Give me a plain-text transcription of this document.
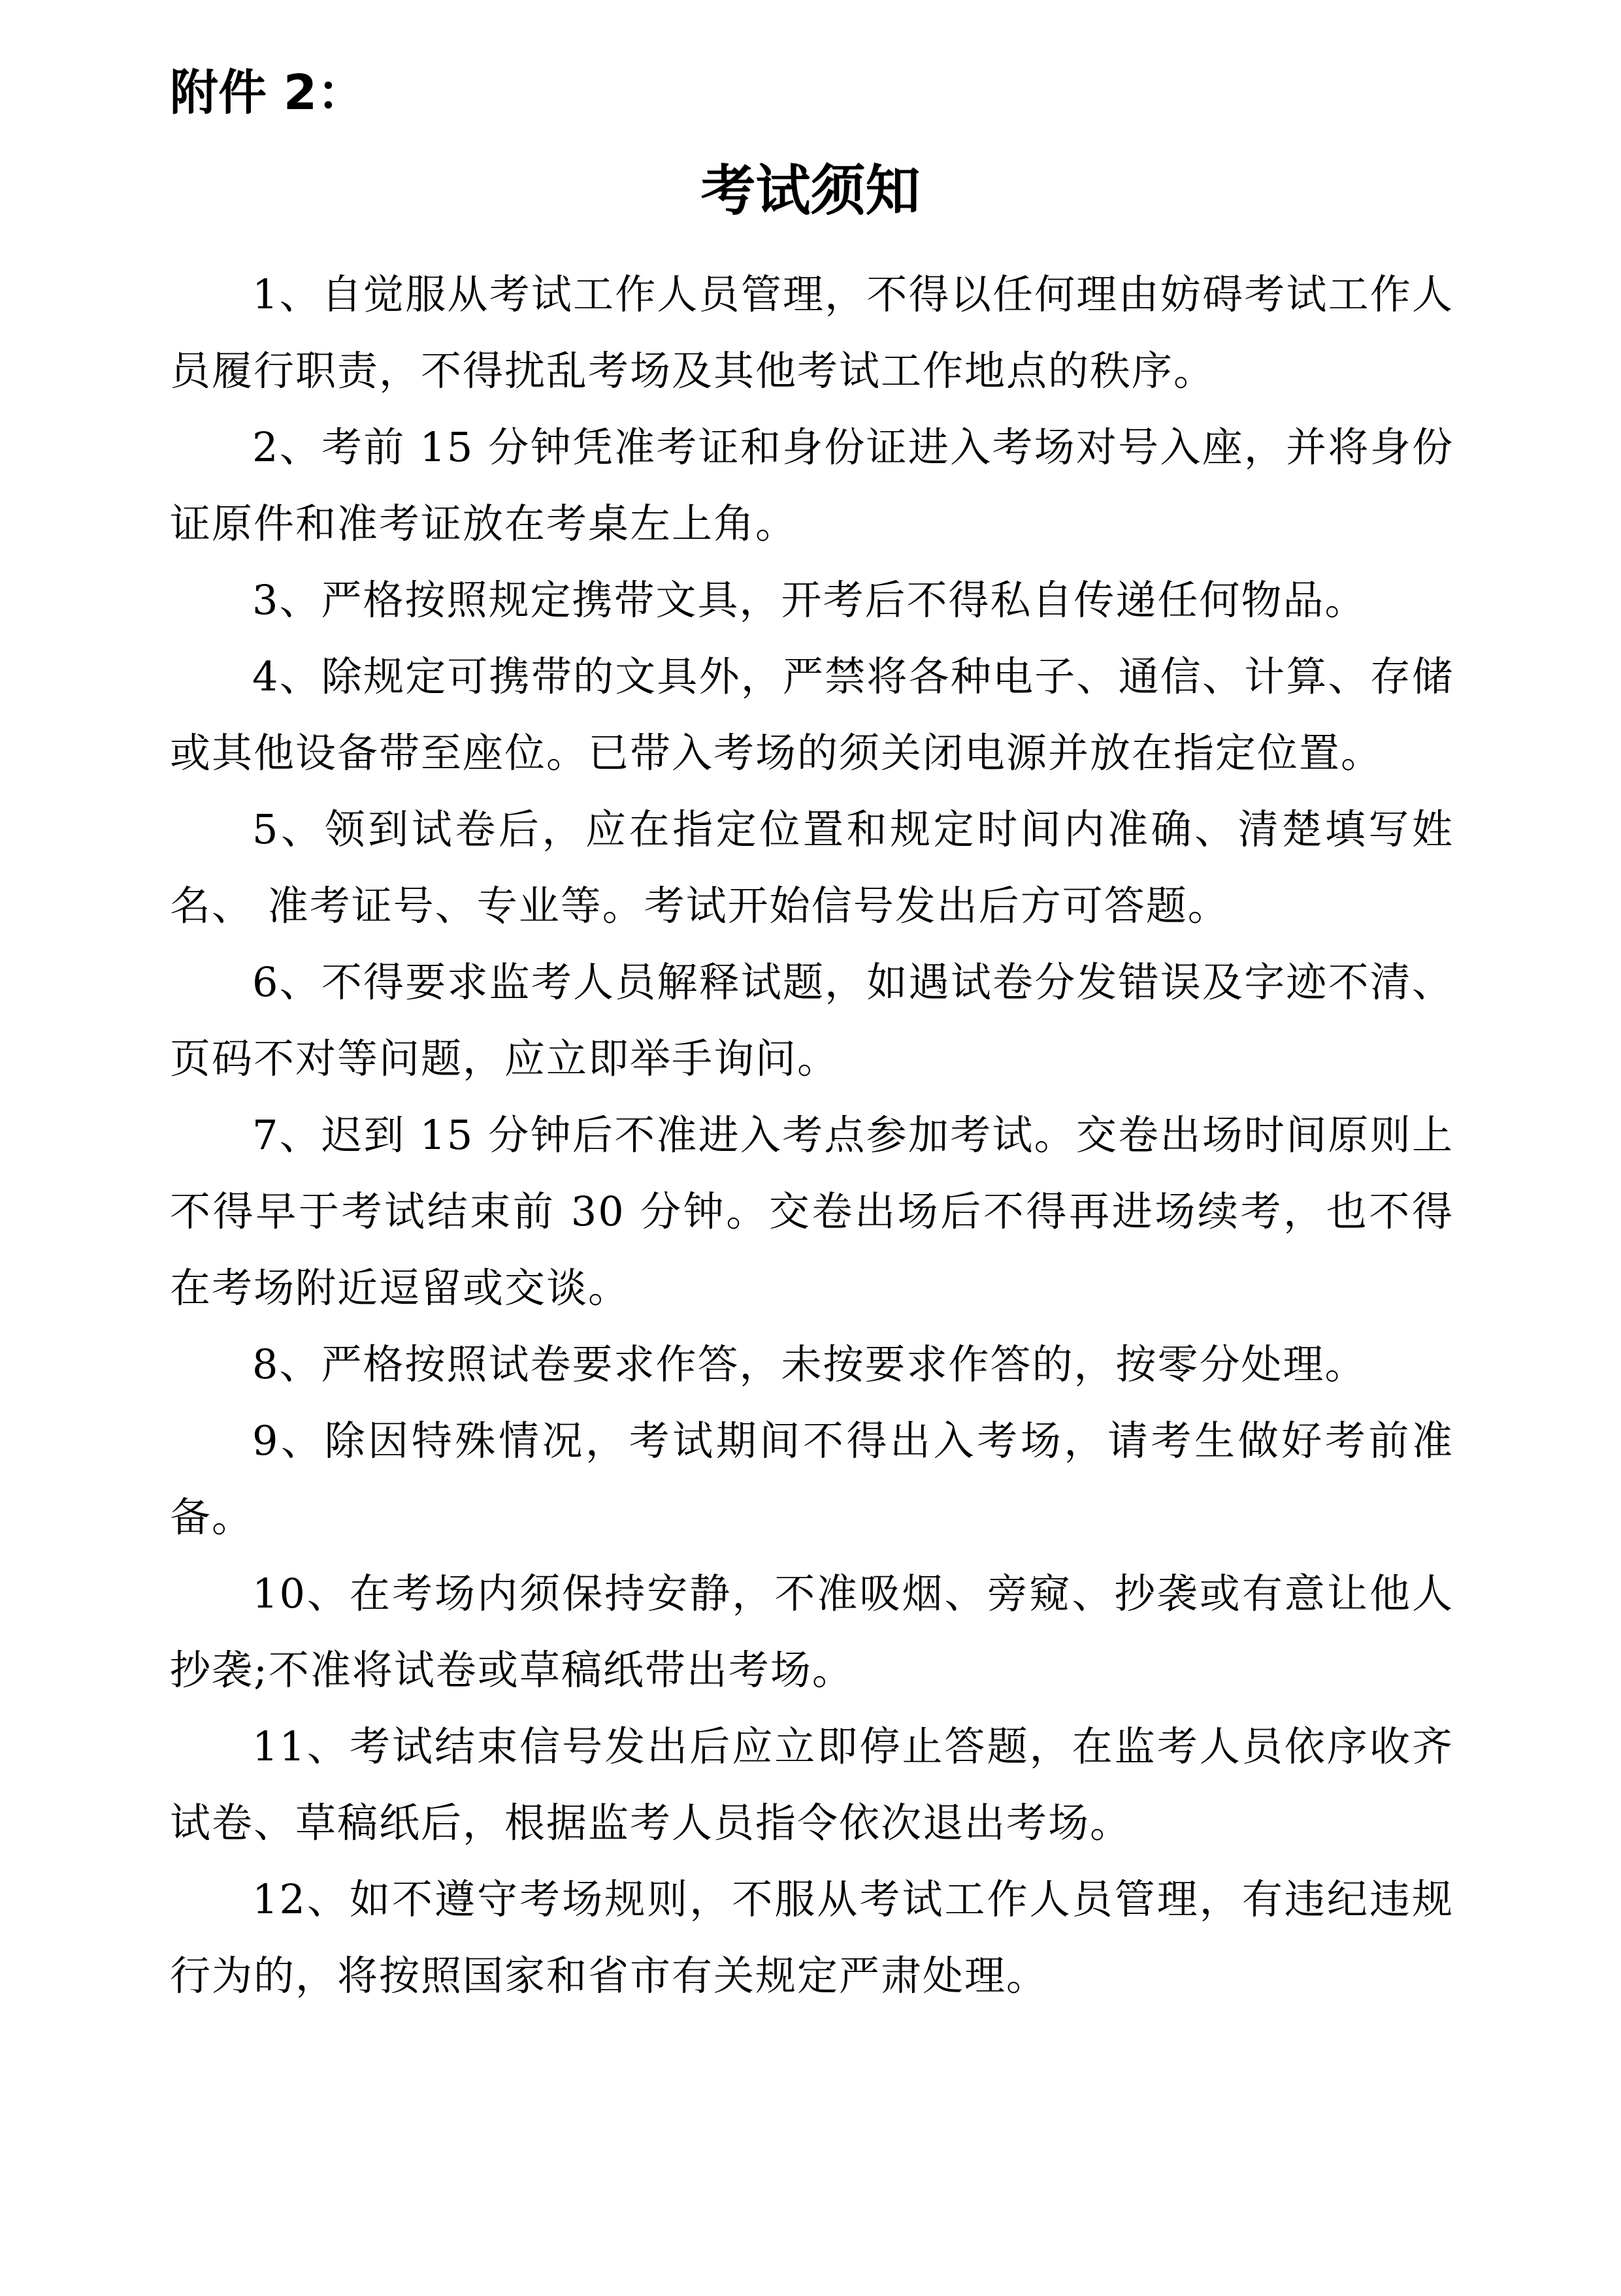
附件 2：

考试须知
1、自觉服从考试工作人员管理，不得以任何理由妨碍考试工作人员履行职责，不得扰乱考场及其他考试工作地点的秩序。
2、考前 15 分钟凭准考证和身份证进入考场对号入座，并将身份证原件和准考证放在考桌左上角。
3、严格按照规定携带文具，开考后不得私自传递任何物品。
4、除规定可携带的文具外，严禁将各种电子、通信、计算、存储 或其他设备带至座位。已带入考场的须关闭电源并放在指定位置。
5、领到试卷后，应在指定位置和规定时间内准确、清楚填写姓名、 准考证号、专业等。考试开始信号发出后方可答题。
6、不得要求监考人员解释试题，如遇试卷分发错误及字迹不清、页码不对等问题，应立即举手询问。
7、迟到 15 分钟后不准进入考点参加考试。交卷出场时间原则上不得早于考试结束前 30 分钟。交卷出场后不得再进场续考，也不得在考场附近逗留或交谈。
8、严格按照试卷要求作答，未按要求作答的，按零分处理。
9、除因特殊情况，考试期间不得出入考场，请考生做好考前准备。
10、在考场内须保持安静，不准吸烟、旁窥、抄袭或有意让他人抄袭;不准将试卷或草稿纸带出考场。
11、考试结束信号发出后应立即停止答题，在监考人员依序收齐试卷、草稿纸后，根据监考人员指令依次退出考场。
12、如不遵守考场规则，不服从考试工作人员管理，有违纪违规行为的，将按照国家和省市有关规定严肃处理。
